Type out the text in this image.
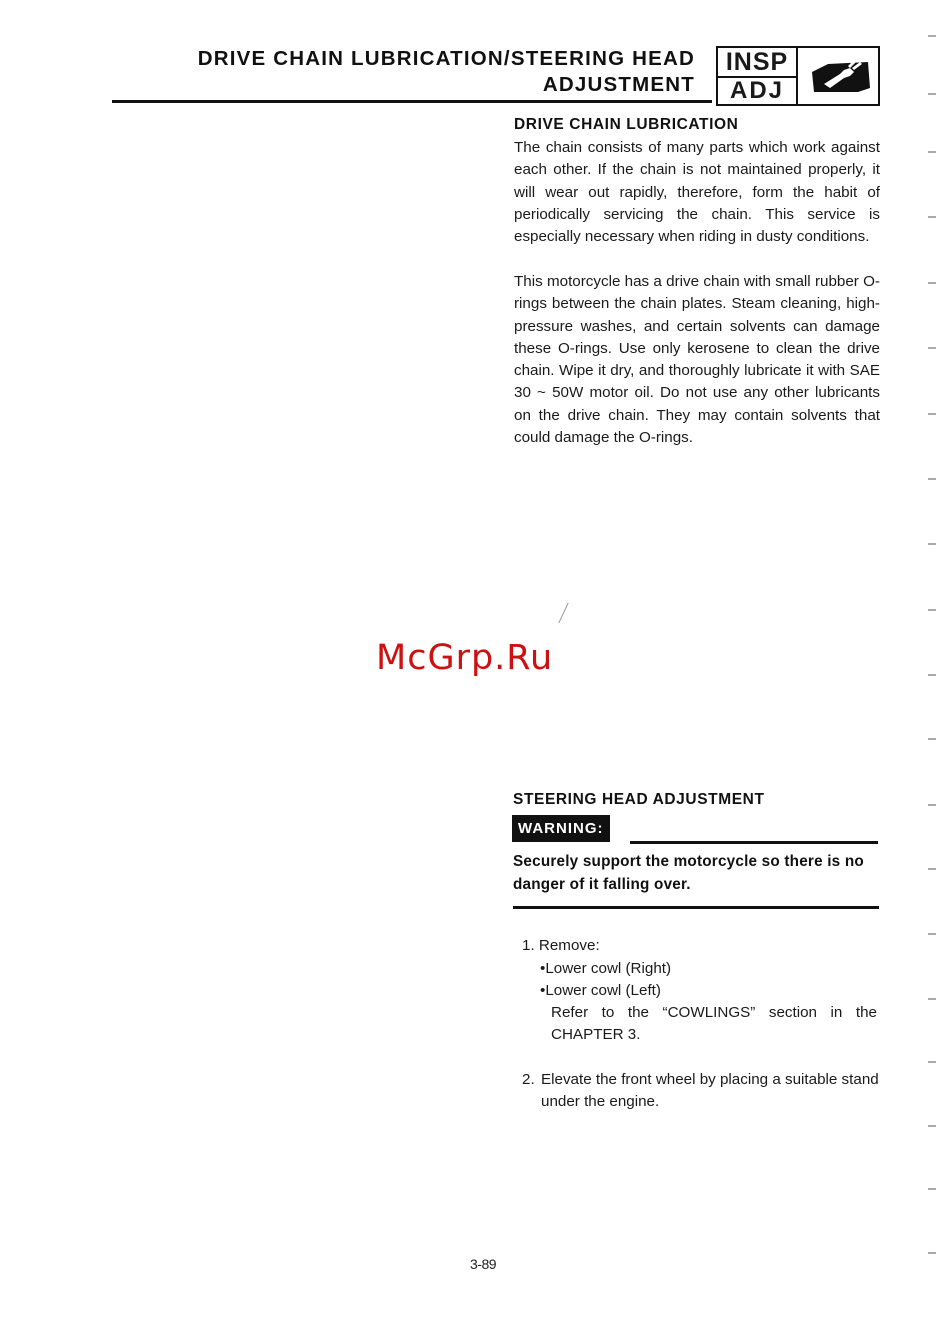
DRIVE CHAIN LUBRICATION/STEERING HEAD
ADJUSTMENT
INSP
ADJ
DRIVE CHAIN LUBRICATION
The chain consists of many parts which work against each other. If the chain is not maintained properly, it will wear out rapidly, therefore, form the habit of periodically servicing the chain. This service is especially necessary when riding in dusty conditions.
This motorcycle has a drive chain with small rubber O-rings between the chain plates. Steam cleaning, high-pressure washes, and certain solvents can damage these O-rings. Use only kerosene to clean the drive chain. Wipe it dry, and thoroughly lubricate it with SAE 30 ~ 50W motor oil. Do not use any other lubricants on the drive chain. They may contain solvents that could damage the O-rings.
McGrp.Ru
STEERING HEAD ADJUSTMENT
WARNING:
Securely support the motorcycle so there is no danger of it falling over.
1. Remove:
•Lower cowl (Right)
•Lower cowl (Left)
Refer to the “COWLINGS” section in the CHAPTER 3.
2. Elevate the front wheel by placing a suitable stand under the engine.
3-89
